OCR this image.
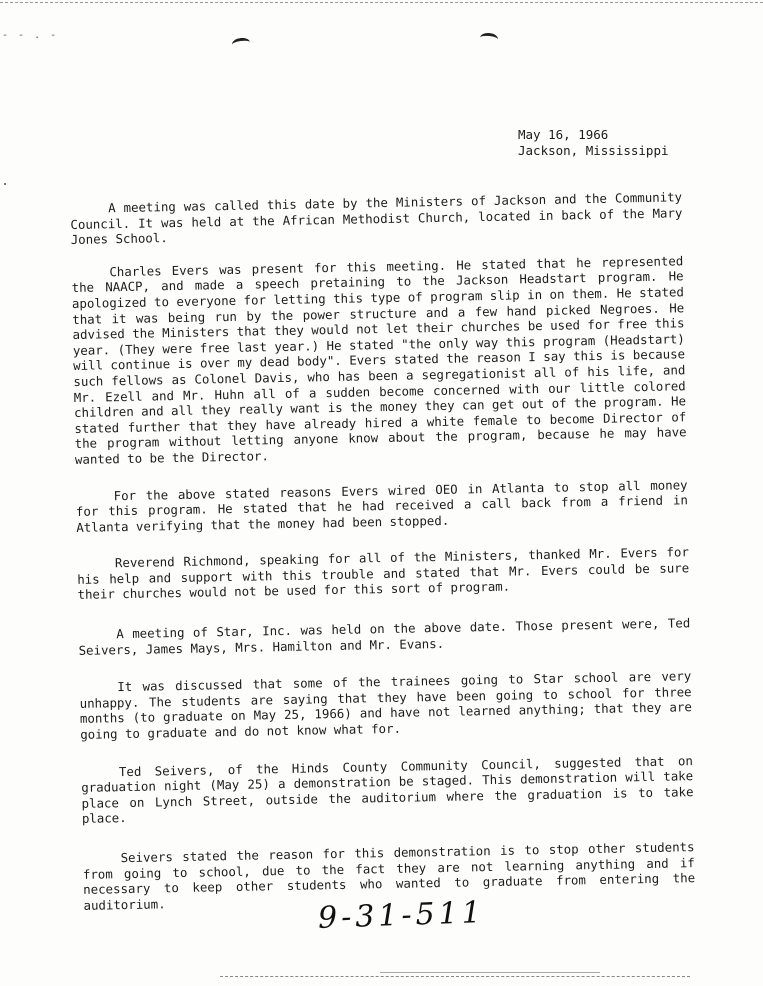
- - . -
May 16, 1966
Jackson, Mississippi

A meeting was called this date by the Ministers of Jackson and the Community Council. It was held at the African Methodist Church, located in back of the Mary Jones School.

Charles Evers was present for this meeting. He stated that he represented the NAACP, and made a speech pretaining to the Jackson Headstart program. He apologized to everyone for letting this type of program slip in on them. He stated that it was being run by the power structure and a few hand picked Negroes. He advised the Ministers that they would not let their churches be used for free this year. (They were free last year.) He stated "the only way this program (Headstart) will continue is over my dead body". Evers stated the reason I say this is because such fellows as Colonel Davis, who has been a segregationist all of his life, and Mr. Ezell and Mr. Huhn all of a sudden become concerned with our little colored children and all they really want is the money they can get out of the program. He stated further that they have already hired a white female to become Director of the program without letting anyone know about the program, because he may have wanted to be the Director.

For the above stated reasons Evers wired OEO in Atlanta to stop all money for this program. He stated that he had received a call back from a friend in Atlanta verifying that the money had been stopped.

Reverend Richmond, speaking for all of the Ministers, thanked Mr. Evers for his help and support with this trouble and stated that Mr. Evers could be sure their churches would not be used for this sort of program.

A meeting of Star, Inc. was held on the above date. Those present were, Ted Seivers, James Mays, Mrs. Hamilton and Mr. Evans.

It was discussed that some of the trainees going to Star school are very unhappy. The students are saying that they have been going to school for three months (to graduate on May 25, 1966) and have not learned anything; that they are going to graduate and do not know what for.

Ted Seivers, of the Hinds County Community Council, suggested that on graduation night (May 25) a demonstration be staged. This demonstration will take place on Lynch Street, outside the auditorium where the graduation is to take place.

Seivers stated the reason for this demonstration is to stop other students from going to school, due to the fact they are not learning anything and if necessary to keep other students who wanted to graduate from entering the auditorium.	9-31-511
